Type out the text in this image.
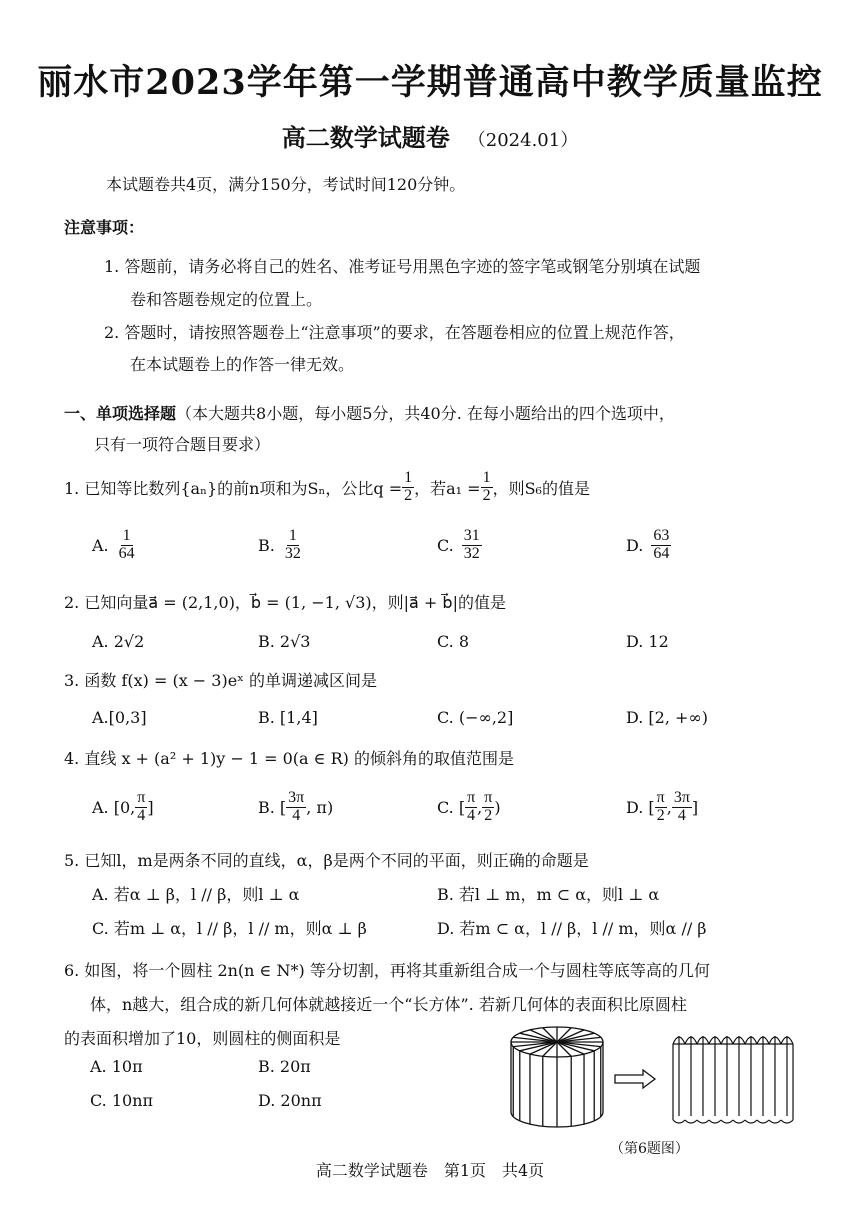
丽水市2023学年第一学期普通高中教学质量监控
高二数学试题卷 （2024.01）
本试题卷共4页，满分150分，考试时间120分钟。
注意事项：
1. 答题前，请务必将自己的姓名、准考证号用黑色字迹的签字笔或钢笔分别填在试题
卷和答题卷规定的位置上。
2. 答题时，请按照答题卷上“注意事项”的要求，在答题卷相应的位置上规范作答，
在本试题卷上的作答一律无效。
一、单项选择题（本大题共8小题，每小题5分，共40分. 在每小题给出的四个选项中，
只有一项符合题目要求）
1. 已知等比数列{aₙ}的前n项和为Sₙ，公比$q = \frac{1}{2}$ ，若$a_1 = \frac{1}{2}$ ，则S₆的值是
A. $\frac{1}{64}$	B. $\frac{1}{32}$	C. $\frac{31}{32}$	D. $\frac{63}{64}$
2. 已知向量a⃗ = (2,1,0)，b⃗ = (1, −1, √3)，则|a⃗ + b⃗|的值是
A. 2√2	B. 2√3	C. 8	D. 12
3. 函数 f(x) = (x − 3)eˣ 的单调递减区间是
A.[0,3]	B. [1,4]	C. (−∞,2]	D. [2, +∞)
4. 直线 x + (a² + 1)y − 1 = 0(a ∈ R) 的倾斜角的取值范围是
A. [0, $\frac{\pi}{4}$ ]	B. [ $\frac{3\pi}{4}$ , π)	C. [ $\frac{\pi}{4}$ , $\frac{\pi}{2}$ )	D. [ $\frac{\pi}{2}$ , $\frac{3\pi}{4}$ ]
5. 已知l，m是两条不同的直线，α，β是两个不同的平面，则正确的命题是
A. 若α ⊥ β，l // β，则l ⊥ α	B. 若l ⊥ m，m ⊂ α，则l ⊥ α
C. 若m ⊥ α，l // β，l // m，则α ⊥ β	D. 若m ⊂ α，l // β，l // m，则α // β
6. 如图，将一个圆柱 2n(n ∈ N*) 等分切割，再将其重新组合成一个与圆柱等底等高的几何
体，n越大，组合成的新几何体就越接近一个“长方体”. 若新几何体的表面积比原圆柱
的表面积增加了10，则圆柱的侧面积是
A. 10π	B. 20π
C. 10nπ	D. 20nπ
（第6题图）
高二数学试题卷　第1页　共4页
